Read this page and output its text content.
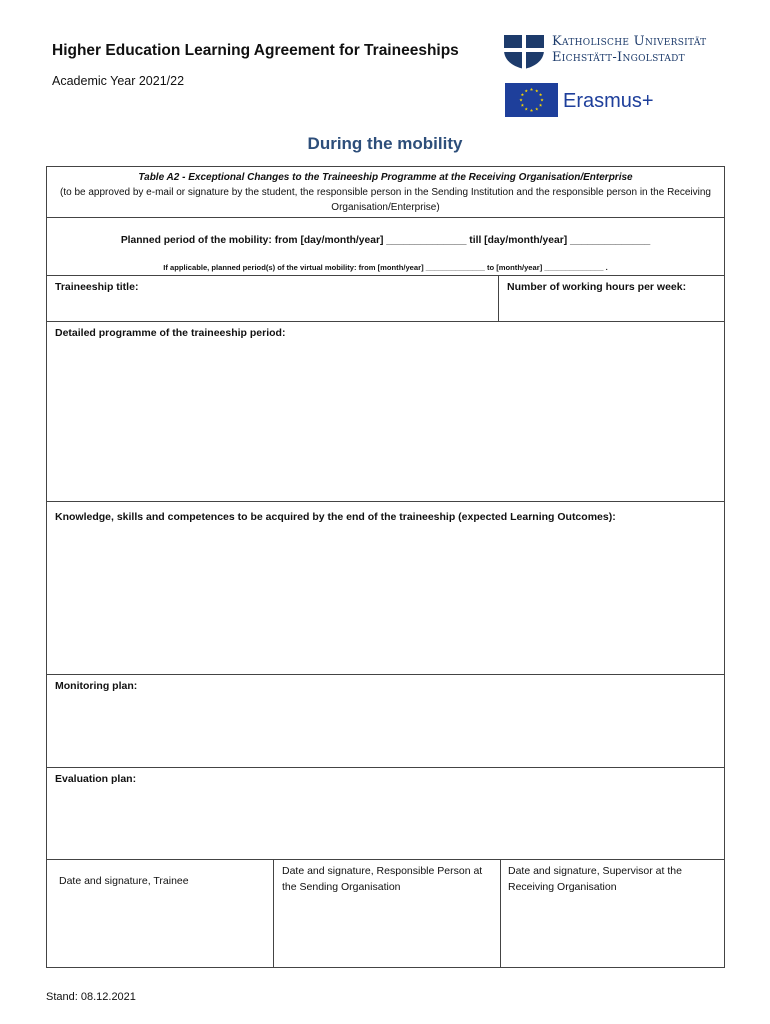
Higher Education Learning Agreement for Traineeships
Academic Year 2021/22
Katholische Universität
Eichstätt-Ingolstadt
Erasmus+
During the mobility
Table A2 - Exceptional Changes to the Traineeship Programme at the Receiving Organisation/Enterprise
(to be approved by e-mail or signature by the student, the responsible person in the Sending Institution and the responsible person in the Receiving Organisation/Enterprise)
Planned period of the mobility: from [day/month/year] ______________ till [day/month/year] ______________
If applicable, planned period(s) of the virtual mobility: from [month/year] ______________ to [month/year] ______________ .
Traineeship title:	Number of working hours per week:
Detailed programme of the traineeship period:
Knowledge, skills and competences to be acquired by the end of the traineeship (expected Learning Outcomes):
Monitoring plan:
Evaluation plan:
Date and signature, Trainee
Date and signature, Responsible Person at the Sending Organisation
Date and signature, Supervisor at the Receiving Organisation
Stand: 08.12.2021
